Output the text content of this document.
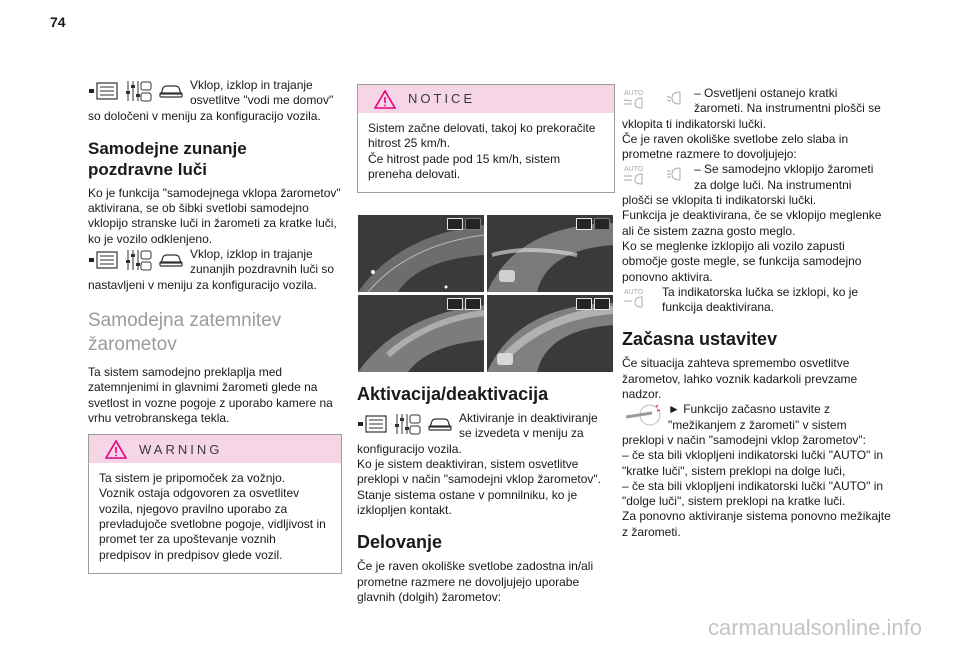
74

Vklop, izklop in trajanje
osvetlitve "vodi me domov"

so določeni v meniju za konfiguracijo vozila.

Samodejne zunanje
pozdravne luči

Ko je funkcija "samodejnega vklopa žarometov" aktivirana, se ob šibki svetlobi samodejno vklopijo stranske luči in žarometi za kratke luči, ko je vozilo odklenjeno.

Vklop, izklop in trajanje
zunanjih pozdravnih luči so

nastavljeni v meniju za konfiguracijo vozila.

Samodejna zatemnitev
žarometov

Ta sistem samodejno preklaplja med zatemnjenimi in glavnimi žarometi glede na svetlost in vozne pogoje z uporabo kamere na vrhu vetrobranskega tekla.

WARNING

Ta sistem je pripomoček za vožnjo.
Voznik ostaja odgovoren za osvetlitev vozila, njegovo pravilno uporabo za prevladujoče svetlobne pogoje, vidljivost in promet ter za upoštevanje voznih predpisov in predpisov glede vozil.

NOTICE

Sistem začne delovati, takoj ko prekoračite hitrost 25 km/h.
Če hitrost pade pod 15 km/h, sistem preneha delovati.

Aktivacija/deaktivacija

Aktiviranje in deaktiviranje
se izvedeta v meniju za

konfiguracijo vozila.
Ko je sistem deaktiviran, sistem osvetlitve preklopi v način "samodejni vklop žarometov".
Stanje sistema ostane v pomnilniku, ko je izklopljen kontakt.

Delovanje

Če je raven okoliške svetlobe zadostna in/ali prometne razmere ne dovoljujejo uporabe glavnih (dolgih) žarometov:

AUTO	– Osvetljeni ostanejo kratki
žarometi. Na instrumentni plošči se

vklopita ti indikatorski lučki.
Če je raven okoliške svetlobe zelo slaba in prometne razmere to dovoljujejo:

AUTO	– Se samodejno vklopijo žarometi
za dolge luči. Na instrumentni

plošči se vklopita ti indikatorski lučki.
Funkcija je deaktivirana, če se vklopijo meglenke ali če sistem zazna gosto meglo.
Ko se meglenke izklopijo ali vozilo zapusti območje goste megle, se funkcija samodejno ponovno aktivira.

AUTO Ta indikatorska lučka se izklopi, ko je
funkcija deaktivirana.

Začasna ustavitev

Če situacija zahteva spremembo osvetlitve žarometov, lahko voznik kadarkoli prevzame nadzor.

► Funkcijo začasno ustavite z
"mežikanjem z žarometi" v sistem

preklopi v način "samodejni vklop žarometov":
– če sta bili vklopljeni indikatorski lučki "AUTO" in "kratke luči", sistem preklopi na dolge luči,
– če sta bili vklopljeni indikatorski lučki "AUTO" in "dolge luči", sistem preklopi na kratke luči.
Za ponovno aktiviranje sistema ponovno mežikajte z žarometi.

carmanualsonline.info
